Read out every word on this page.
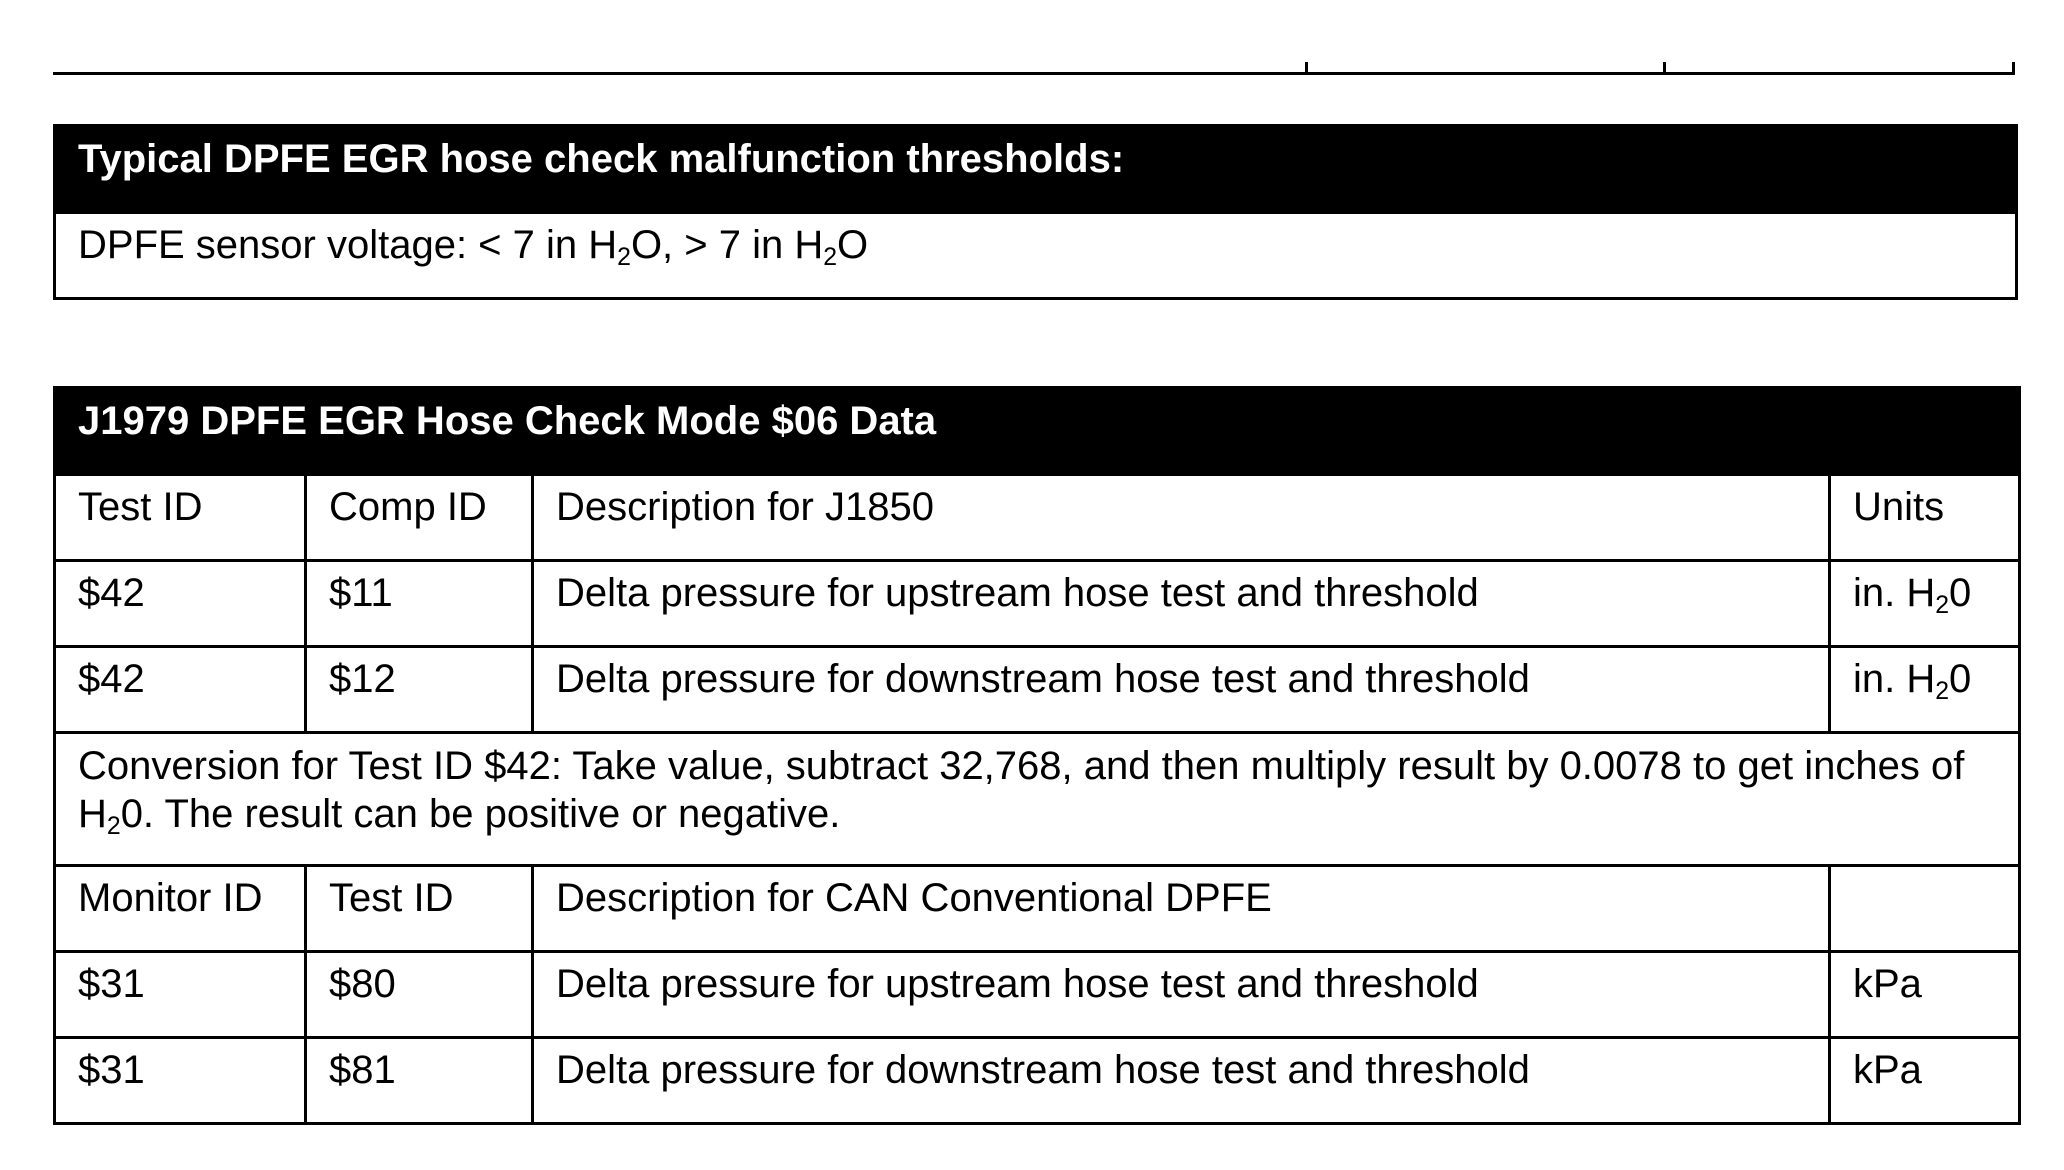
Typical DPFE EGR hose check malfunction thresholds:
DPFE sensor voltage: < 7 in $H_2O$, > 7 in $H_2O$
J1979 DPFE EGR Hose Check Mode $06 Data			
Test ID	Comp ID	Description for J1850	Units
$42	$11	Delta pressure for upstream hose test and threshold	in. $H_20$
$42	$12	Delta pressure for downstream hose test and threshold	in. $H_20$
Conversion for Test ID $42: Take value, subtract 32,768, and then multiply result by 0.0078 to get inches of
$H_20$. The result can be positive or negative.			
Monitor ID	Test ID	Description for CAN Conventional DPFE	
$31	$80	Delta pressure for upstream hose test and threshold	kPa
$31	$81	Delta pressure for downstream hose test and threshold	kPa
